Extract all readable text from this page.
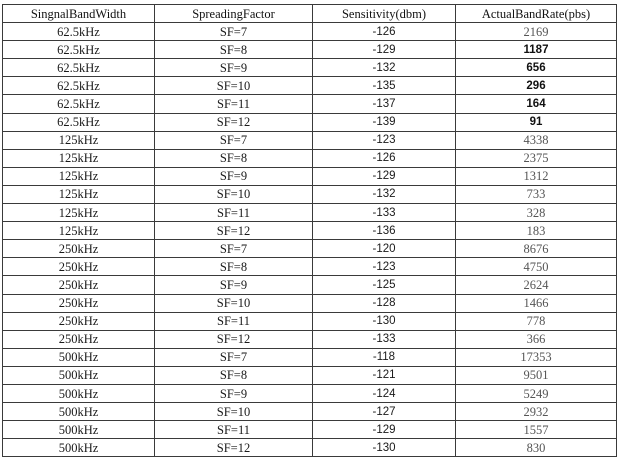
SingnalBandWidth	SpreadingFactor	Sensitivity(dbm)	ActualBandRate(pbs)
62.5kHz	SF=7	-126	2169
62.5kHz	SF=8	-129	1187
62.5kHz	SF=9	-132	656
62.5kHz	SF=10	-135	296
62.5kHz	SF=11	-137	164
62.5kHz	SF=12	-139	91
125kHz	SF=7	-123	4338
125kHz	SF=8	-126	2375
125kHz	SF=9	-129	1312
125kHz	SF=10	-132	733
125kHz	SF=11	-133	328
125kHz	SF=12	-136	183
250kHz	SF=7	-120	8676
250kHz	SF=8	-123	4750
250kHz	SF=9	-125	2624
250kHz	SF=10	-128	1466
250kHz	SF=11	-130	778
250kHz	SF=12	-133	366
500kHz	SF=7	-118	17353
500kHz	SF=8	-121	9501
500kHz	SF=9	-124	5249
500kHz	SF=10	-127	2932
500kHz	SF=11	-129	1557
500kHz	SF=12	-130	830
